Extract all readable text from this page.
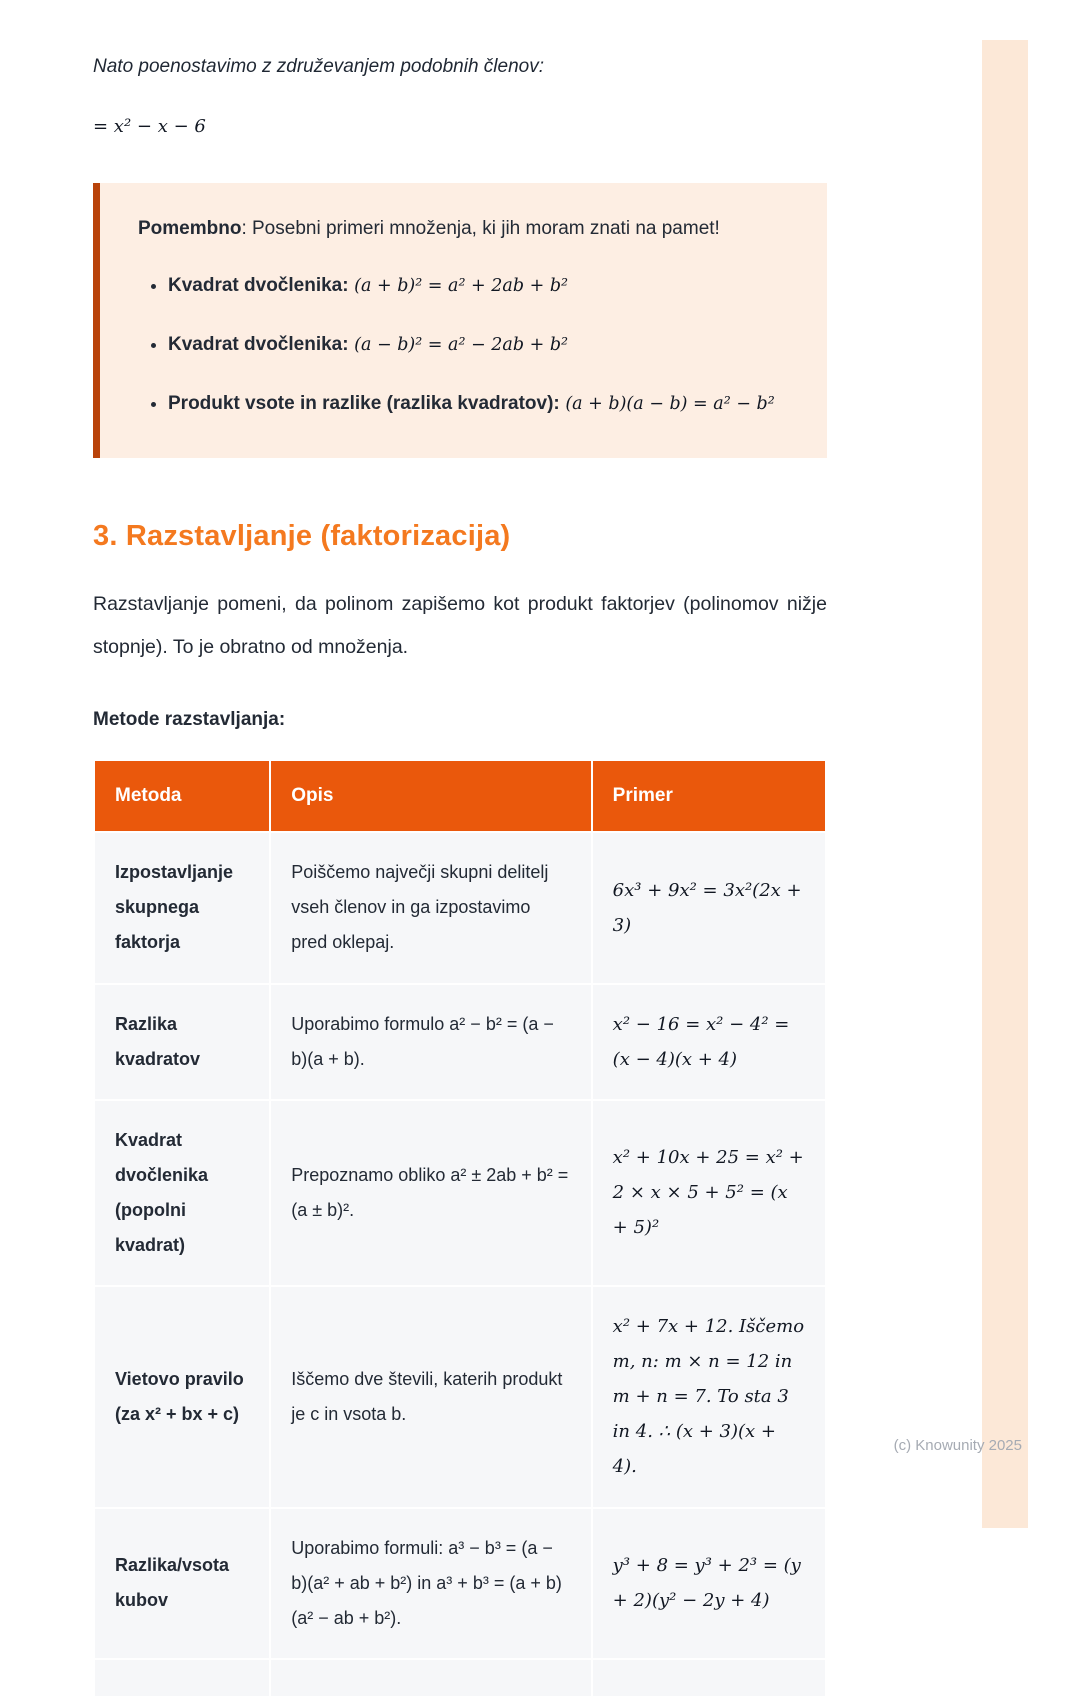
(c) Knowunity 2025
Nato poenostavimo z združevanjem podobnih členov:
= x² − x − 6
Pomembno: Posebni primeri množenja, ki jih moram znati na pamet!
• Kvadrat dvočlenika: (a + b)² = a² + 2ab + b²
• Kvadrat dvočlenika: (a − b)² = a² − 2ab + b²
• Produkt vsote in razlike (razlika kvadratov): (a + b)(a − b) = a² − b²
3. Razstavljanje (faktorizacija)
Razstavljanje pomeni, da polinom zapišemo kot produkt faktorjev (polinomov nižje stopnje). To je obratno od množenja.
Metode razstavljanja:
Metoda	Opis	Primer
Izpostavljanje skupnega faktorja	Poiščemo največji skupni delitelj vseh členov in ga izpostavimo pred oklepaj.	6x³ + 9x² = 3x²(2x + 3)
Razlika kvadratov	Uporabimo formulo a² − b² = (a − b)(a + b).	x² − 16 = x² − 4² = (x − 4)(x + 4)
Kvadrat dvočlenika (popolni kvadrat)	Prepoznamo obliko a² ± 2ab + b² = (a ± b)².	x² + 10x + 25 = x² + 2 × x × 5 + 5² = (x + 5)²
Vietovo pravilo (za x² + bx + c)	Iščemo dve števili, katerih produkt je c in vsota b.	x² + 7x + 12. Iščemo m, n: m × n = 12 in m + n = 7. To sta 3 in 4. ∴ (x + 3)(x + 4).
Razlika/vsota kubov	Uporabimo formuli: a³ − b³ = (a − b)(a² + ab + b²) in a³ + b³ = (a + b)(a² − ab + b²).	y³ + 8 = y³ + 2³ = (y + 2)(y² − 2y + 4)
